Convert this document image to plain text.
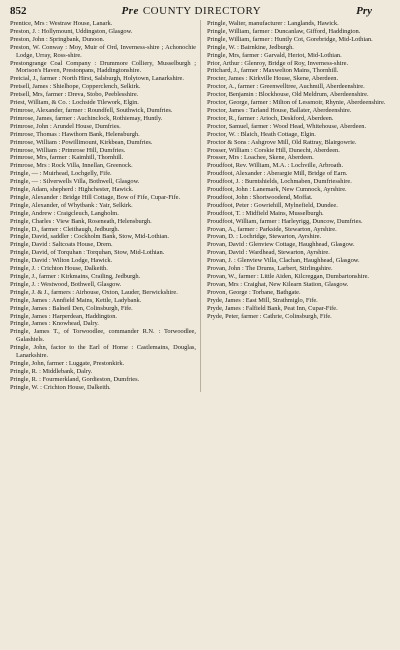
852	Pre COUNTY DIRECTORY	Pry
Prentice, Mrs : Westraw House, Lanark.
Preston, J. : Hollymount, Uddingston, Glasgow.
Preston, John : Springbank, Dunoon.
Preston, W. Conway : Moy, Muir of Ord, Inverness-shire ; Achonochie Lodge, Urray, Ross-shire.
Prestongrange Coal Company : Drummore Colliery, Musselburgh ; Morison's Haven, Prestonpans, Haddingtonshire.
Pretcial, J., farmer : North Hirst, Salsburgh, Holytown, Lanarkshire.
Pretsell, James : Shielhope, Copperclench, Selkirk.
Pretsell, Mrs, farmer : Dreva, Stobo, Peeblesshire.
Priest, William, & Co. : Lochside Tilework, Elgin.
Primrose, Alexander, farmer : Roundfell, Southwick, Dumfries.
Primrose, James, farmer : Auchinclock, Rothiemay, Huntly.
Primrose, John : Arundel House, Dumfries.
Primrose, Thomas : Hawthorn Bank, Helensburgh.
Primrose, William : Powillimount, Kirkbean, Dumfries.
Primrose, William : Primrose Hill, Dumfries.
Primrose, Mrs, farmer : Kaimhill, Thornhill.
Primrose, Mrs : Rock Villa, Innellan, Greenock.
Pringle, — : Muirhead, Lochgelly, Fife.
Pringle, — : Silverwells Villa, Bothwell, Glasgow.
Pringle, Adam, shepherd : Highchester, Hawick.
Pringle, Alexander : Bridge Hill Cottage, Bow of Fife, Cupar-Fife.
Pringle, Alexander, of Whytbank : Yair, Selkirk.
Pringle, Andrew : Craigcleuch, Langholm.
Pringle, Charles : View Bank, Roseneath, Helensburgh.
Pringle, D., farmer : Cleithaugh, Jedburgh.
Pringle, David, saddler : Cockholm Bank, Stow, Mid-Lothian.
Pringle, David : Saltcoats House, Drem.
Pringle, David, of Torquhan : Torquhan, Stow, Mid-Lothian.
Pringle, David : Wilton Lodge, Hawick.
Pringle, J. : Crichton House, Dalkeith.
Pringle, J., farmer : Kirkmains, Crailing, Jedburgh.
Pringle, J. : Westwood, Bothwell, Glasgow.
Pringle, J. & J., farmers : Airhouse, Oxton, Lauder, Berwickshire.
Pringle, James : Annfield Mains, Kettle, Ladybank.
Pringle, James : Balneil Den, Colinsburgh, Fife.
Pringle, James : Harperdean, Haddington.
Pringle, James : Knowhead, Dalry.
Pringle, James T., of Torwoodlee, commander R.N. : Torwoodlee, Galashiels.
Pringle, John, factor to the Earl of Home : Castlemains, Douglas, Lanarkshire.
Pringle, John, farmer : Luggate, Prestonkirk.
Pringle, R. : Middlebank, Dalry.
Pringle, R. : Fourmerkland, Gordieston, Dumfries.
Pringle, W. : Crichton House, Dalkeith.
Pringle, Walter, manufacturer : Langlands, Hawick.
Pringle, William, farmer : Duncanlaw, Gifford, Haddington.
Pringle, William, farmer : Huntly Cot, Gorebridge, Mid-Lothian.
Pringle, W. : Bairnkine, Jedburgh.
Pringle, Mrs, farmer : Garvald, Heriot, Mid-Lothian.
Prior, Arthur : Glenroy, Bridge of Roy, Inverness-shire.
Pritchard, J., farmer : Maxwelton Mains, Thornhill.
Procter, James : Kirkville House, Skene, Aberdeen.
Proctor, A., farmer : Greenwelltree, Auchmill, Aberdeenshire.
Proctor, Benjamin : Blockhouse, Old Meldrum, Aberdeenshire.
Proctor, George, farmer : Milton of Lessmoir, Rhynie, Aberdeenshire.
Proctor, James : Tarland House, Ballater, Aberdeenshire.
Proctor, R., farmer : Arioch, Deskford, Aberdeen.
Proctor, Samuel, farmer : Wood Head, Whitehouse, Aberdeen.
Proctor, W. : Blaich, Heath Cottage, Elgin.
Proctor & Sons : Ashgrove Mill, Old Rattray, Blairgowrie.
Prosser, William : Corskie Hill, Dunecht, Aberdeen.
Prosser, Mrs : Loachee, Skene, Aberdeen.
Proudfoot, Rev. William, M.A. : Lochville, Arbroath.
Proudfoot, Alexander : Aberargie Mill, Bridge of Earn.
Proudfoot, J. : Burntshields, Lochmaben, Dumfriesshire.
Proudfoot, John : Lanemark, New Cumnock, Ayrshire.
Proudfoot, John : Shortwoodend, Moffat.
Proudfoot, Peter : Gowriehill, Mylnefield, Dundee.
Proudfoot, T. : Midfield Mains, Musselburgh.
Proudfoot, William, farmer : Harleyrigg, Duncow, Dumfries.
Provan, A., farmer : Parkside, Stewarton, Ayrshire.
Provan, D. : Lochridge, Stewarton, Ayrshire.
Provan, David : Glenview Cottage, Haughhead, Glasgow.
Provan, David : Wardhead, Stewarton, Ayrshire.
Provan, J. : Glenview Villa, Clachan, Haughhead, Glasgow.
Provan, John : The Drums, Larbert, Stirlingshire.
Provan, W., farmer : Little Aiden, Kilcreggan, Dumbartonshire.
Provan, Mrs : Craighat, New Kilearn Station, Glasgow.
Provon, George : Torbane, Bathgate.
Pryde, James : East Mill, Strathmiglo, Fife.
Pryde, James : Falfield Bank, Peat Inn, Cupar-Fife.
Pryde, Peter, farmer : Cathrie, Colinsburgh, Fife.
